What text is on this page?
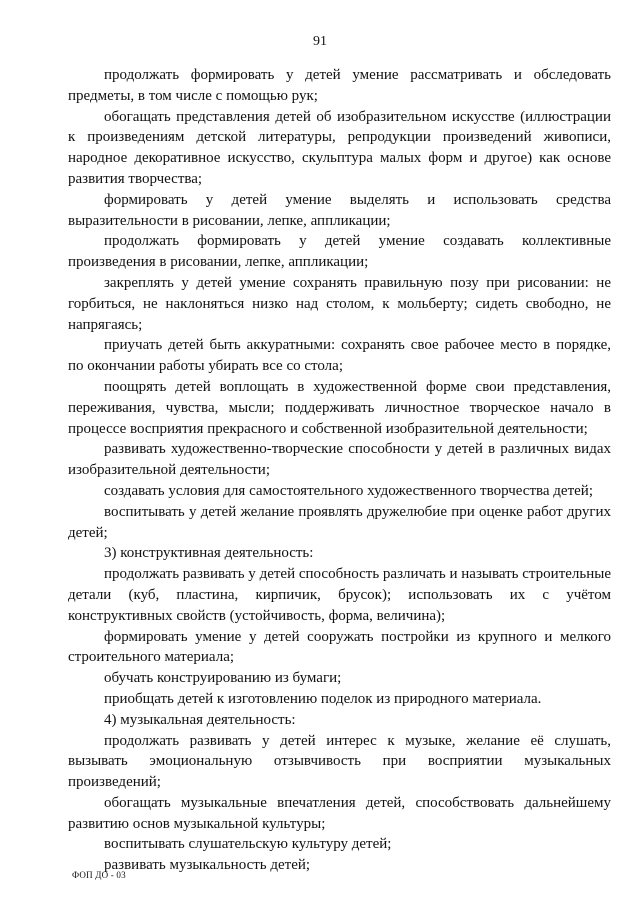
91

продолжать формировать у детей умение рассматривать и обследовать предметы, в том числе с помощью рук;

обогащать представления детей об изобразительном искусстве (иллюстрации к произведениям детской литературы, репродукции произведений живописи, народное декоративное искусство, скульптура малых форм и другое) как основе развития творчества;

формировать у детей умение выделять и использовать средства выразительности в рисовании, лепке, аппликации;

продолжать формировать у детей умение создавать коллективные произведения в рисовании, лепке, аппликации;

закреплять у детей умение сохранять правильную позу при рисовании: не горбиться, не наклоняться низко над столом, к мольберту; сидеть свободно, не напрягаясь;

приучать детей быть аккуратными: сохранять свое рабочее место в порядке, по окончании работы убирать все со стола;

поощрять детей воплощать в художественной форме свои представления, переживания, чувства, мысли; поддерживать личностное творческое начало в процессе восприятия прекрасного и собственной изобразительной деятельности;

развивать художественно-творческие способности у детей в различных видах изобразительной деятельности;

создавать условия для самостоятельного художественного творчества детей;

воспитывать у детей желание проявлять дружелюбие при оценке работ других детей;

3) конструктивная деятельность:

продолжать развивать у детей способность различать и называть строительные детали (куб, пластина, кирпичик, брусок); использовать их с учётом конструктивных свойств (устойчивость, форма, величина);

формировать умение у детей сооружать постройки из крупного и мелкого строительного материала;

обучать конструированию из бумаги;

приобщать детей к изготовлению поделок из природного материала.

4) музыкальная деятельность:

продолжать развивать у детей интерес к музыке, желание её слушать, вызывать эмоциональную отзывчивость при восприятии музыкальных произведений;

обогащать музыкальные впечатления детей, способствовать дальнейшему развитию основ музыкальной культуры;

воспитывать слушательскую культуру детей;

развивать музыкальность детей;

ФОП ДО - 03
